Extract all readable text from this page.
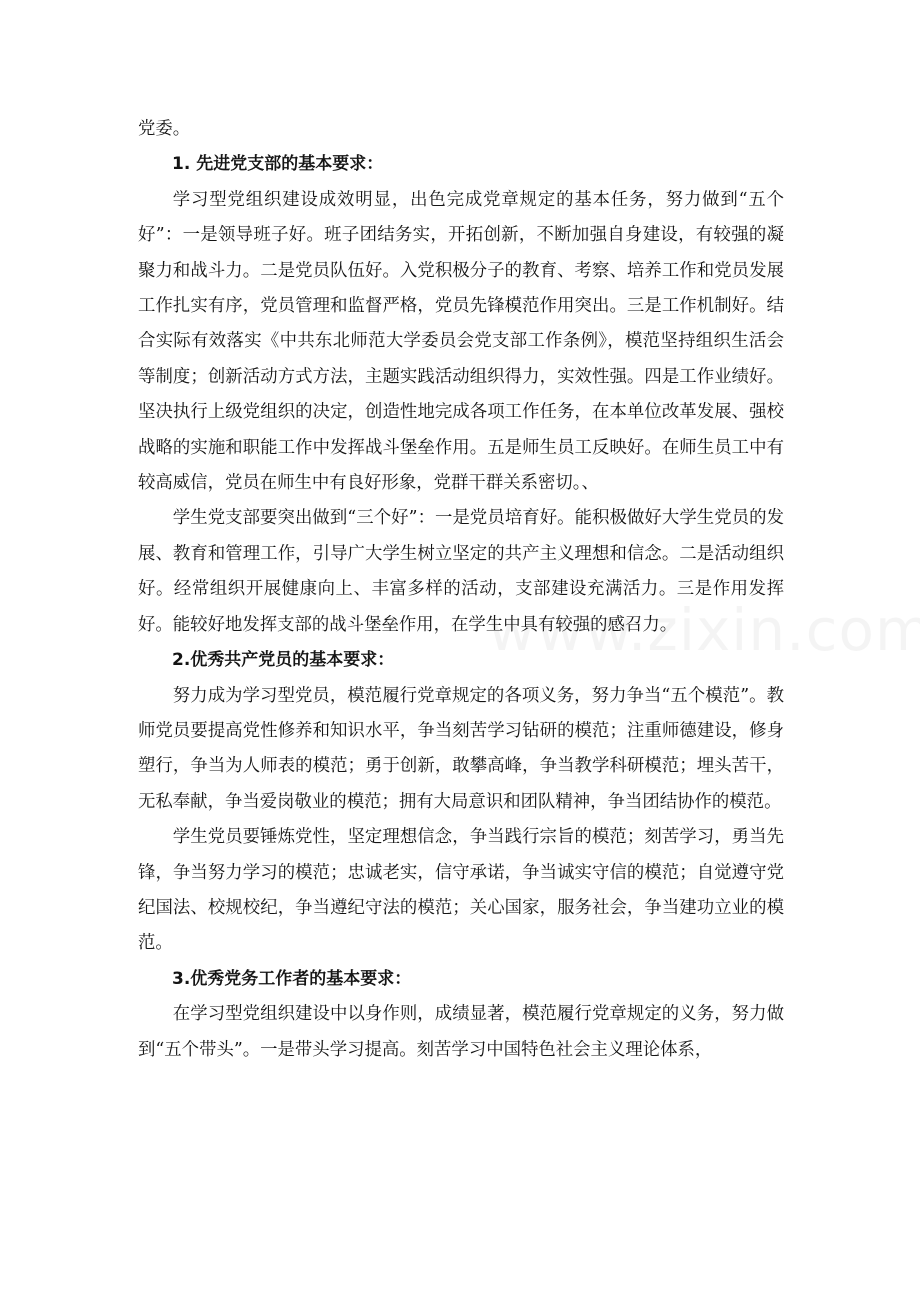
党委。

1. 先进党支部的基本要求：

学习型党组织建设成效明显，出色完成党章规定的基本任务，努力做到“五个好”：一是领导班子好。班子团结务实，开拓创新，不断加强自身建设，有较强的凝聚力和战斗力。二是党员队伍好。入党积极分子的教育、考察、培养工作和党员发展工作扎实有序，党员管理和监督严格，党员先锋模范作用突出。三是工作机制好。结合实际有效落实《中共东北师范大学委员会党支部工作条例》，模范坚持组织生活会等制度；创新活动方式方法，主题实践活动组织得力，实效性强。四是工作业绩好。坚决执行上级党组织的决定，创造性地完成各项工作任务，在本单位改革发展、强校战略的实施和职能工作中发挥战斗堡垒作用。五是师生员工反映好。在师生员工中有较高威信，党员在师生中有良好形象，党群干群关系密切。、

学生党支部要突出做到“三个好”：一是党员培育好。能积极做好大学生党员的发展、教育和管理工作，引导广大学生树立坚定的共产主义理想和信念。二是活动组织好。经常组织开展健康向上、丰富多样的活动，支部建设充满活力。三是作用发挥好。能较好地发挥支部的战斗堡垒作用，在学生中具有较强的感召力。

2.优秀共产党员的基本要求：

努力成为学习型党员，模范履行党章规定的各项义务，努力争当“五个模范”。教师党员要提高党性修养和知识水平，争当刻苦学习钻研的模范；注重师德建设，修身塑行，争当为人师表的模范；勇于创新，敢攀高峰，争当教学科研模范；埋头苦干，无私奉献，争当爱岗敬业的模范；拥有大局意识和团队精神，争当团结协作的模范。

学生党员要锤炼党性，坚定理想信念，争当践行宗旨的模范；刻苦学习，勇当先锋，争当努力学习的模范；忠诚老实，信守承诺，争当诚实守信的模范；自觉遵守党纪国法、校规校纪，争当遵纪守法的模范；关心国家，服务社会，争当建功立业的模范。

3.优秀党务工作者的基本要求：

在学习型党组织建设中以身作则，成绩显著，模范履行党章规定的义务，努力做到“五个带头”。一是带头学习提高。刻苦学习中国特色社会主义理论体系，
